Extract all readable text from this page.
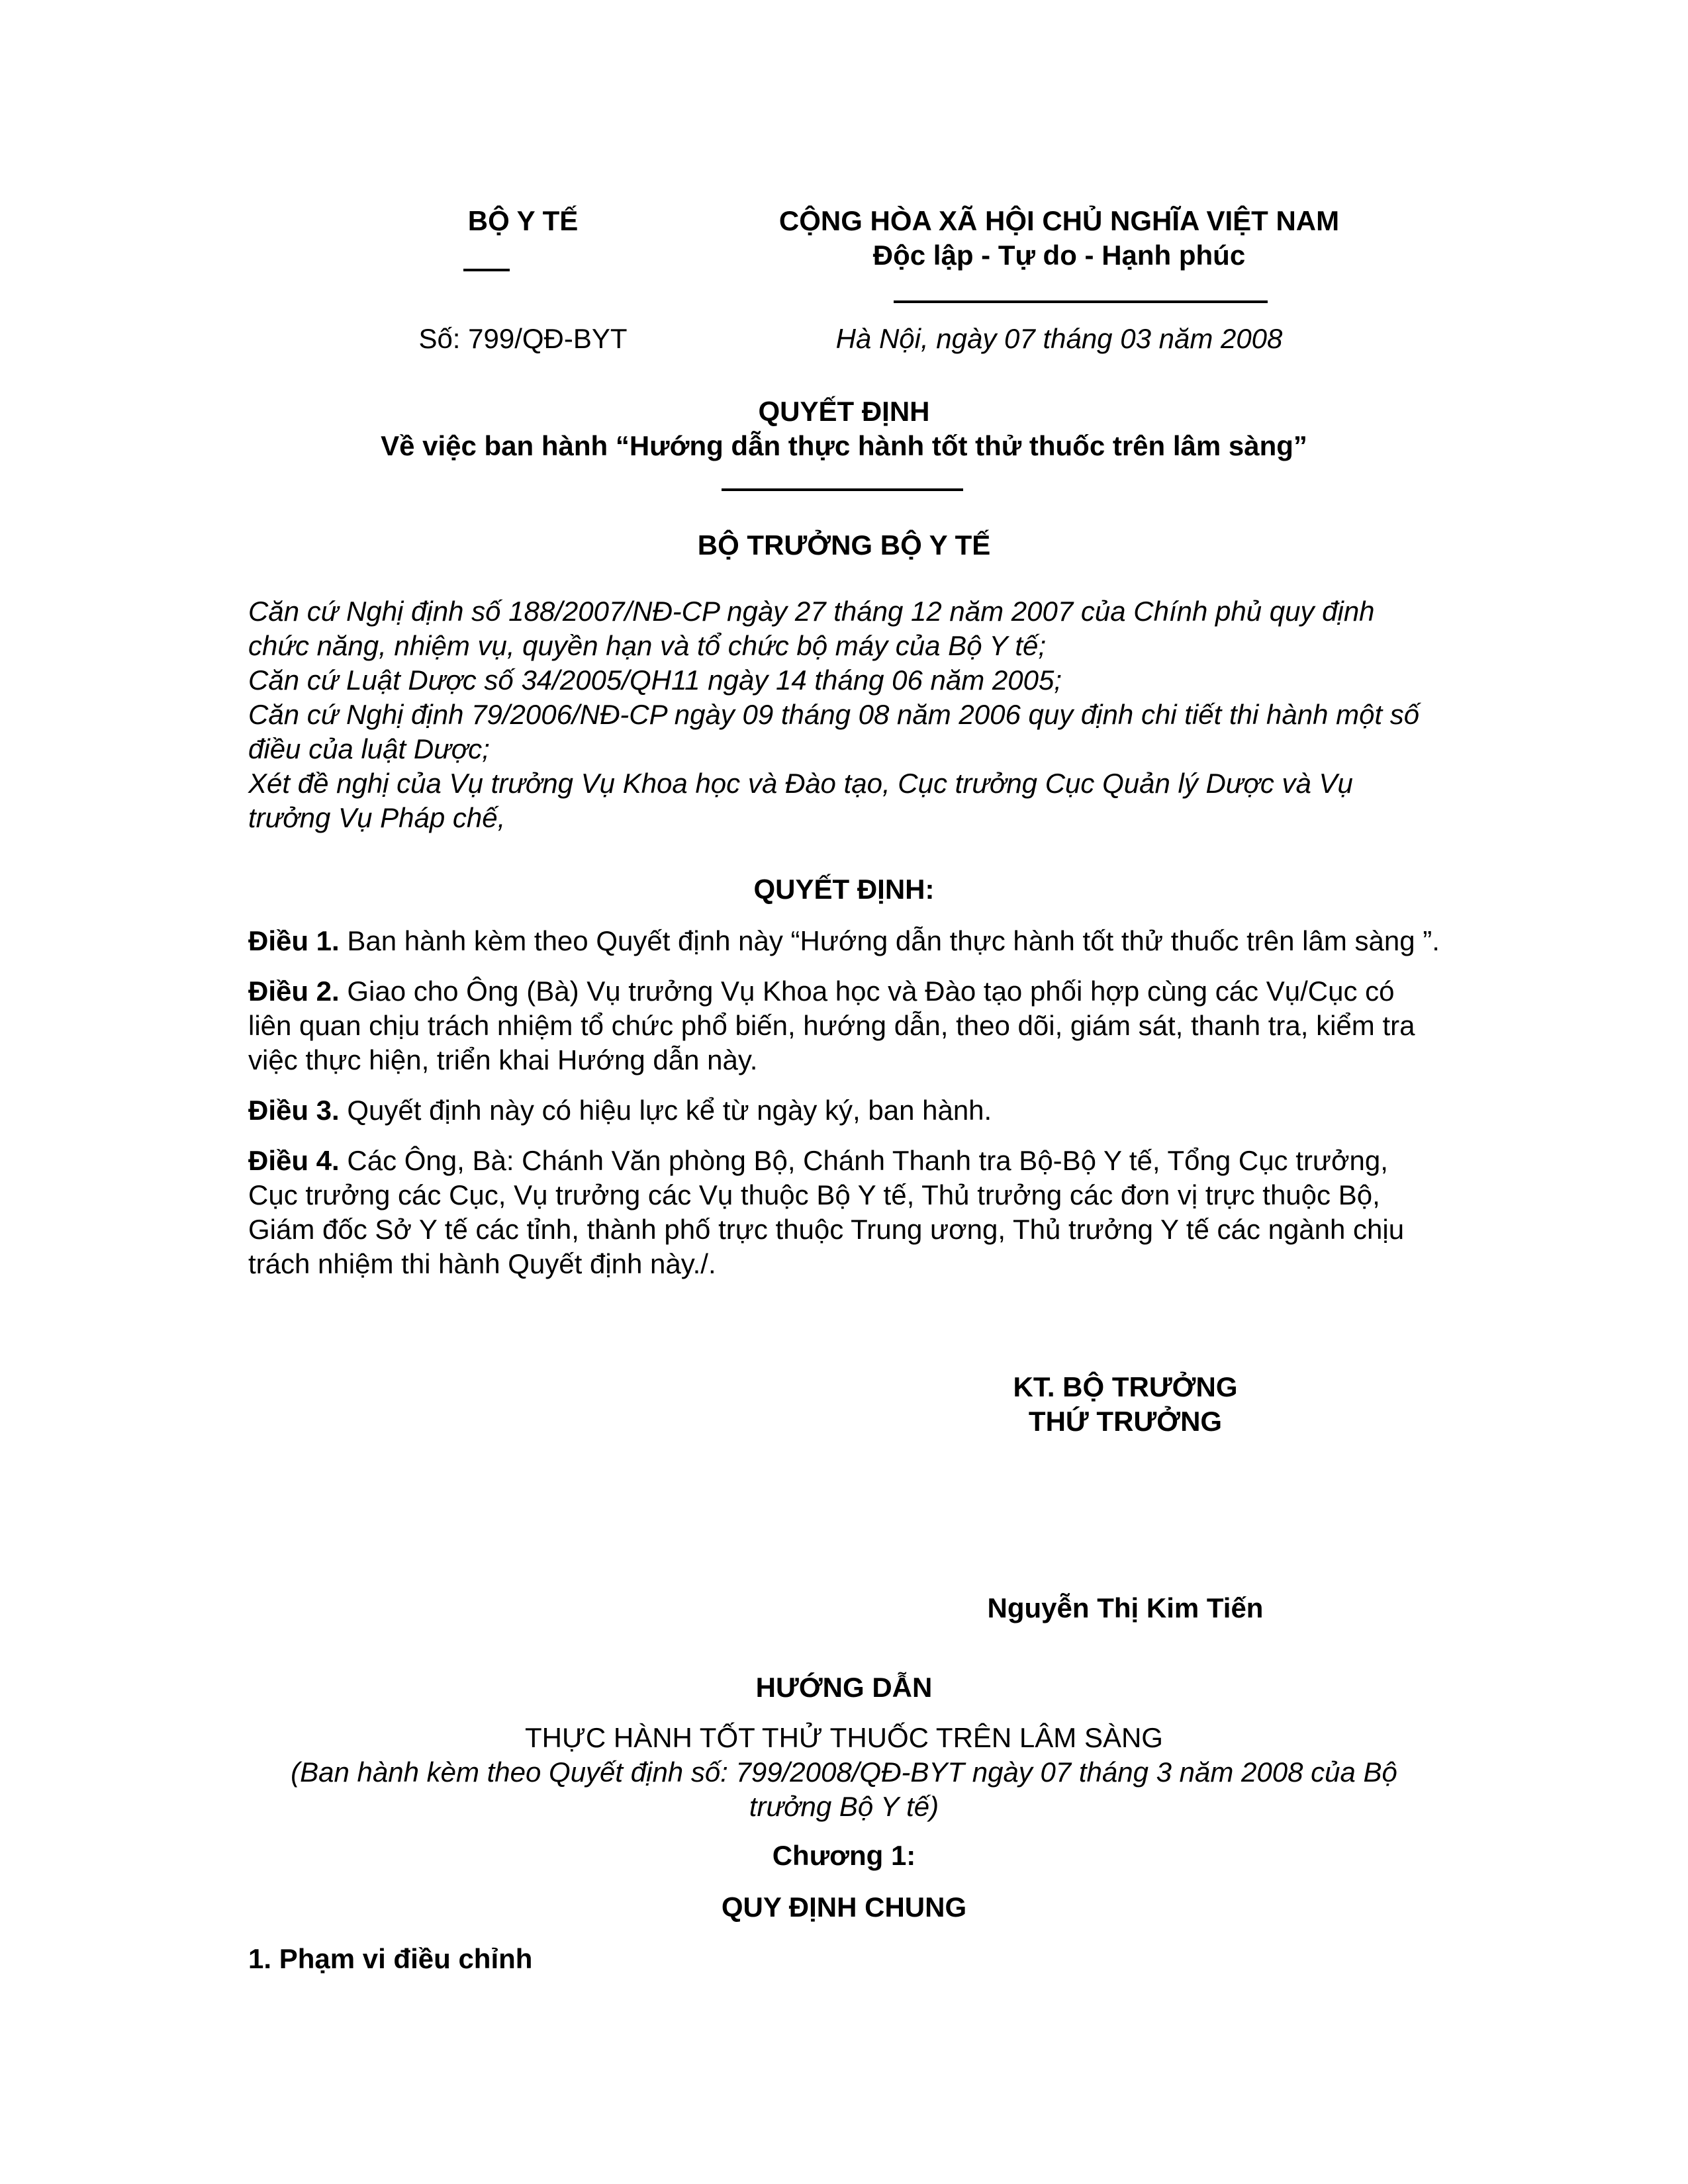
BỘ Y TẾ	CỘNG HÒA XÃ HỘI CHỦ NGHĨA VIỆT NAM
Độc lập - Tự do - Hạnh phúc
Số: 799/QĐ-BYT	Hà Nội, ngày 07 tháng 03 năm 2008
QUYẾT ĐỊNH
Về việc ban hành “Hướng dẫn thực hành tốt thử thuốc trên lâm sàng”
BỘ TRƯỞNG BỘ Y TẾ
Căn cứ Nghị định số 188/2007/NĐ-CP ngày 27 tháng 12 năm 2007 của Chính phủ quy định chức năng, nhiệm vụ, quyền hạn và tổ chức bộ máy của Bộ Y tế;
Căn cứ Luật Dược số 34/2005/QH11 ngày 14 tháng 06 năm 2005;
Căn cứ Nghị định 79/2006/NĐ-CP ngày 09 tháng 08 năm 2006 quy định chi tiết thi hành một số điều của luật Dược;
Xét đề nghị của Vụ trưởng Vụ Khoa học và Đào tạo, Cục trưởng Cục Quản lý Dược và Vụ trưởng Vụ Pháp chế,
QUYẾT ĐỊNH:
Điều 1. Ban hành kèm theo Quyết định này “Hướng dẫn thực hành tốt thử thuốc trên lâm sàng ”.
Điều 2. Giao cho Ông (Bà) Vụ trưởng Vụ Khoa học và Đào tạo phối hợp cùng các Vụ/Cục có liên quan chịu trách nhiệm tổ chức phổ biến, hướng dẫn, theo dõi, giám sát, thanh tra, kiểm tra việc thực hiện, triển khai Hướng dẫn này.
Điều 3. Quyết định này có hiệu lực kể từ ngày ký, ban hành.
Điều 4. Các Ông, Bà: Chánh Văn phòng Bộ, Chánh Thanh tra Bộ-Bộ Y tế, Tổng Cục trưởng, Cục trưởng các Cục, Vụ trưởng các Vụ thuộc Bộ Y tế, Thủ trưởng các đơn vị trực thuộc Bộ, Giám đốc Sở Y tế các tỉnh, thành phố trực thuộc Trung ương, Thủ trưởng Y tế các ngành chịu trách nhiệm thi hành Quyết định này./.
KT. BỘ TRƯỞNG
THỨ TRƯỞNG
Nguyễn Thị Kim Tiến
HƯỚNG DẪN
THỰC HÀNH TỐT THỬ THUỐC TRÊN LÂM SÀNG
(Ban hành kèm theo Quyết định số: 799/2008/QĐ-BYT ngày 07 tháng 3 năm 2008 của Bộ trưởng Bộ Y tế)
Chương 1:
QUY ĐỊNH CHUNG
1. Phạm vi điều chỉnh
